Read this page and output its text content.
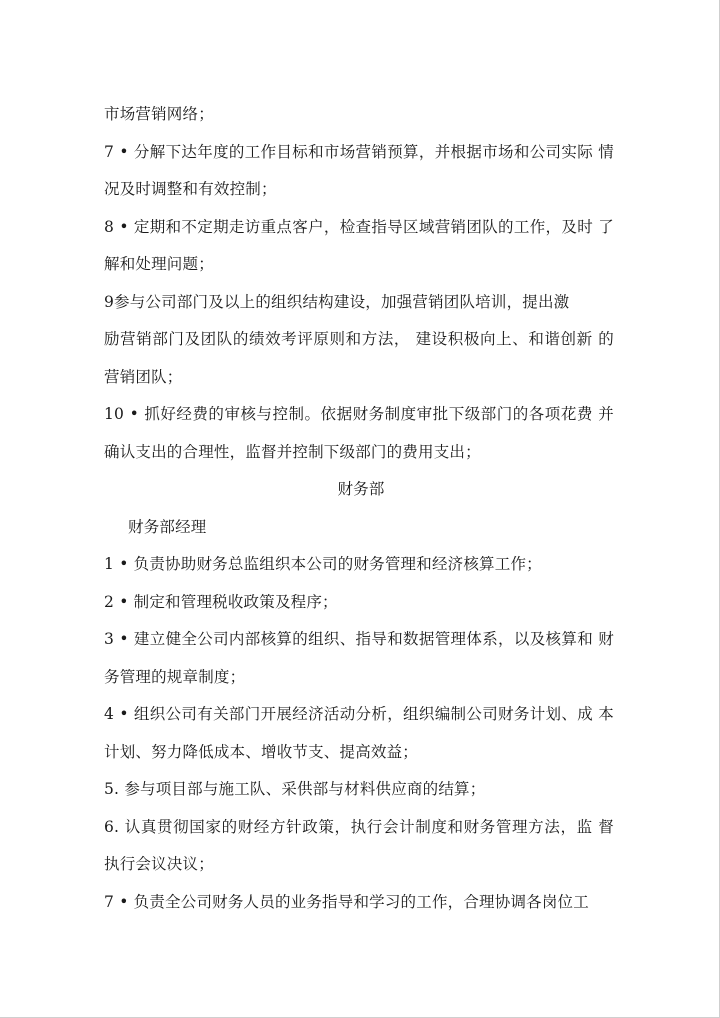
市场营销网络；
7 • 分解下达年度的工作目标和市场营销预算，并根据市场和公司实际 情
况及时调整和有效控制；
8 • 定期和不定期走访重点客户，检查指导区域营销团队的工作，及时 了
解和处理问题；
9参与公司部门及以上的组织结构建设，加强营销团队培训，提出激
励营销部门及团队的绩效考评原则和方法， 建设积极向上、和谐创新 的
营销团队；
10 • 抓好经费的审核与控制。依据财务制度审批下级部门的各项花费 并
确认支出的合理性，监督并控制下级部门的费用支出；
财务部
财务部经理
1 • 负责协助财务总监组织本公司的财务管理和经济核算工作；
2 • 制定和管理税收政策及程序；
3 • 建立健全公司内部核算的组织、指导和数据管理体系，以及核算和 财
务管理的规章制度；
4 • 组织公司有关部门开展经济活动分析，组织编制公司财务计划、成 本
计划、努力降低成本、增收节支、提高效益；
5. 参与项目部与施工队、采供部与材料供应商的结算；
6. 认真贯彻国家的财经方针政策，执行会计制度和财务管理方法，监 督
执行会议决议；
7 • 负责全公司财务人员的业务指导和学习的工作，合理协调各岗位工
